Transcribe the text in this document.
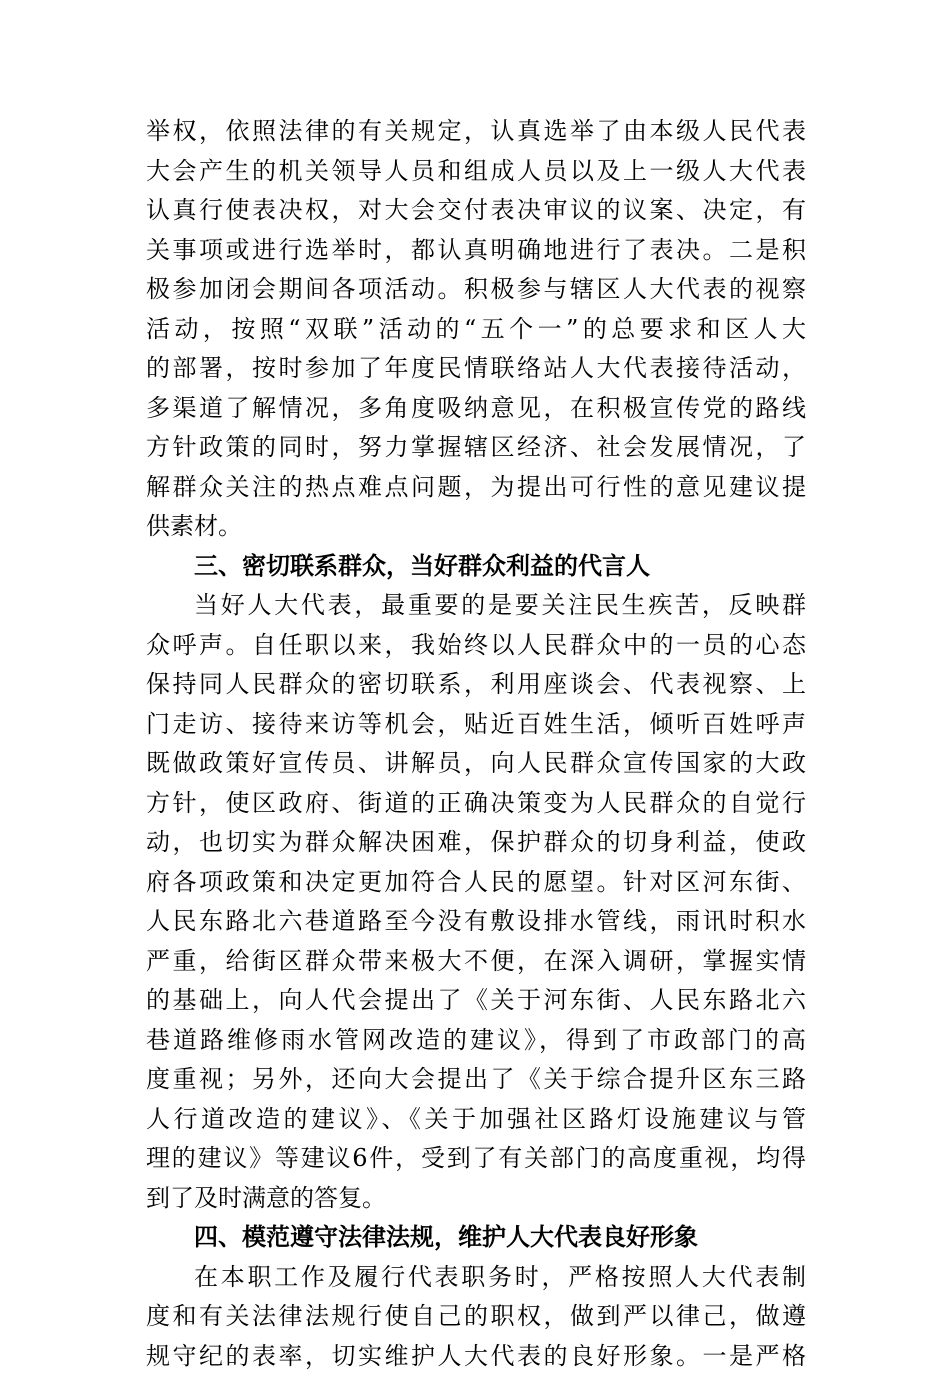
举权，依照法律的有关规定，认真选举了由本级人民代表
大会产生的机关领导人员和组成人员以及上一级人大代表
认真行使表决权，对大会交付表决审议的议案、决定，有
关事项或进行选举时，都认真明确地进行了表决。二是积
极参加闭会期间各项活动。积极参与辖区人大代表的视察
活动，按照“双联”活动的“五个一”的总要求和区人大
的部署，按时参加了年度民情联络站人大代表接待活动，
多渠道了解情况，多角度吸纳意见，在积极宣传党的路线
方针政策的同时，努力掌握辖区经济、社会发展情况，了
解群众关注的热点难点问题，为提出可行性的意见建议提
供素材。
三、密切联系群众，当好群众利益的代言人
当好人大代表，最重要的是要关注民生疾苦，反映群
众呼声。自任职以来，我始终以人民群众中的一员的心态
保持同人民群众的密切联系，利用座谈会、代表视察、上
门走访、接待来访等机会，贴近百姓生活，倾听百姓呼声
既做政策好宣传员、讲解员，向人民群众宣传国家的大政
方针，使区政府、街道的正确决策变为人民群众的自觉行
动，也切实为群众解决困难，保护群众的切身利益，使政
府各项政策和决定更加符合人民的愿望。针对区河东街、
人民东路北六巷道路至今没有敷设排水管线，雨讯时积水
严重，给街区群众带来极大不便，在深入调研，掌握实情
的基础上，向人代会提出了《关于河东街、人民东路北六
巷道路维修雨水管网改造的建议》，得到了市政部门的高
度重视；另外，还向大会提出了《关于综合提升区东三路
人行道改造的建议》、《关于加强社区路灯设施建议与管
理的建议》等建议6件，受到了有关部门的高度重视，均得
到了及时满意的答复。
四、模范遵守法律法规，维护人大代表良好形象
在本职工作及履行代表职务时，严格按照人大代表制
度和有关法律法规行使自己的职权，做到严以律己，做遵
规守纪的表率，切实维护人大代表的良好形象。一是严格
